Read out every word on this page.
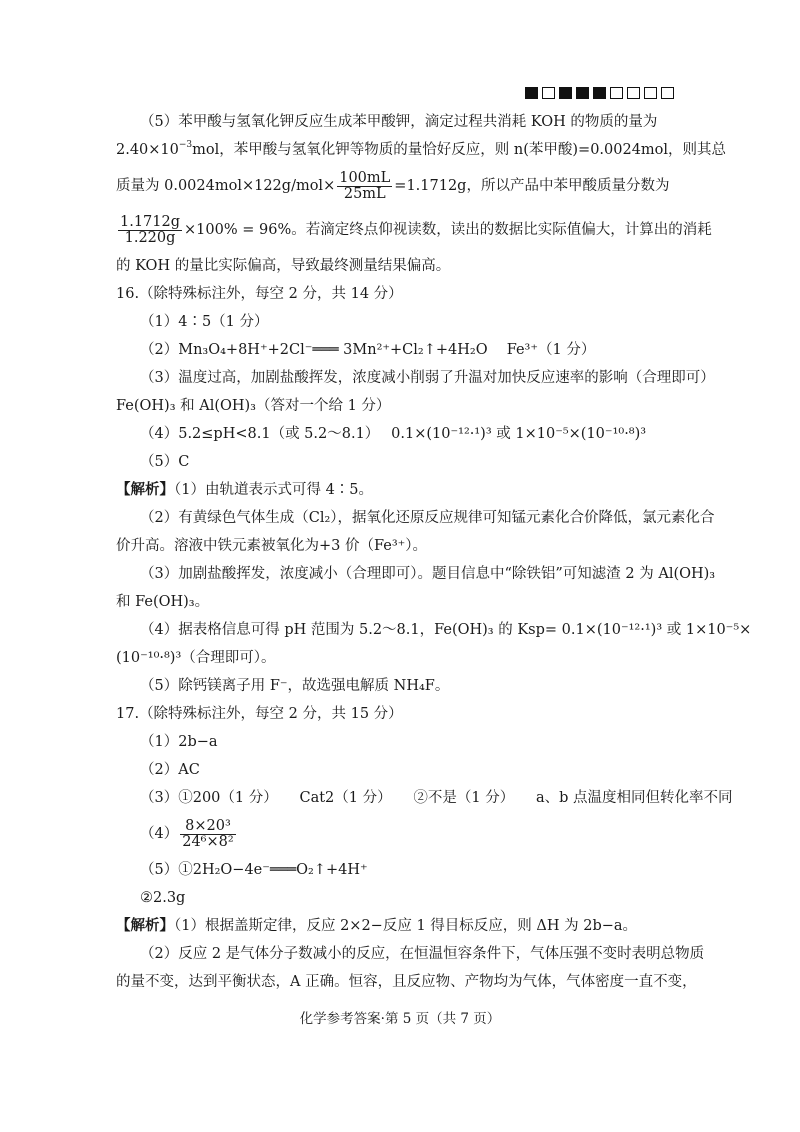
（5）苯甲酸与氢氧化钾反应生成苯甲酸钾，滴定过程共消耗 KOH 的物质的量为
$2.40\times 10^{-3}mol$，苯甲酸与氢氧化钾等物质的量恰好反应，则 n(苯甲酸)=0.0024mol，则其总
质量为 $0.0024mol\times 122g/mol\times \frac{100mL}{25mL} =1.1712g$，所以产品中苯甲酸质量分数为
$\frac{1.1712g}{1.220g} \times 100\% = 96\%$。若滴定终点仰视读数，读出的数据比实际值偏大，计算出的消耗
的 KOH 的量比实际偏高，导致最终测量结果偏高。
16.（除特殊标注外，每空 2 分，共 14 分）
（1）4∶5（1 分）
（2）Mn₃O₄+8H⁺+2Cl⁻═══ 3Mn²⁺+Cl₂↑+4H₂O　 Fe³⁺（1 分）
（3）温度过高，加剧盐酸挥发，浓度减小削弱了升温对加快反应速率的影响（合理即可）
Fe(OH)₃ 和 Al(OH)₃（答对一个给 1 分）
（4）5.2≤pH<8.1（或 5.2～8.1）　 0.1×(10⁻¹²·¹)³ 或 1×10⁻⁵×(10⁻¹⁰·⁸)³
（5）C
【解析】（1）由轨道表示式可得 4∶5。
（2）有黄绿色气体生成（Cl₂），据氧化还原反应规律可知锰元素化合价降低，氯元素化合
价升高。溶液中铁元素被氧化为+3 价（Fe³⁺）。
（3）加剧盐酸挥发，浓度减小（合理即可）。题目信息中“除铁铝”可知滤渣 2 为 Al(OH)₃
和 Fe(OH)₃。
（4）据表格信息可得 pH 范围为 5.2～8.1，Fe(OH)₃ 的 Ksp= 0.1×(10⁻¹²·¹)³ 或 1×10⁻⁵×
(10⁻¹⁰·⁸)³（合理即可）。
（5）除钙镁离子用 F⁻，故选强电解质 NH₄F。
17.（除特殊标注外，每空 2 分，共 15 分）
（1）2b−a
（2）AC
（3）①200（1 分）　　Cat2（1 分）　　②不是（1 分）　　a、b 点温度相同但转化率不同
$(4) \frac{\text{8×20³}}{\text{24⁶×8²}}$
（5）①2H₂O−4e⁻═══O₂↑+4H⁺
②2.3g
【解析】（1）根据盖斯定律，反应 2×2−反应 1 得目标反应，则 ΔH 为 2b−a。
（2）反应 2 是气体分子数减小的反应，在恒温恒容条件下，气体压强不变时表明总物质
的量不变，达到平衡状态，A 正确。恒容，且反应物、产物均为气体，气体密度一直不变，
化学参考答案·第 5 页（共 7 页）
